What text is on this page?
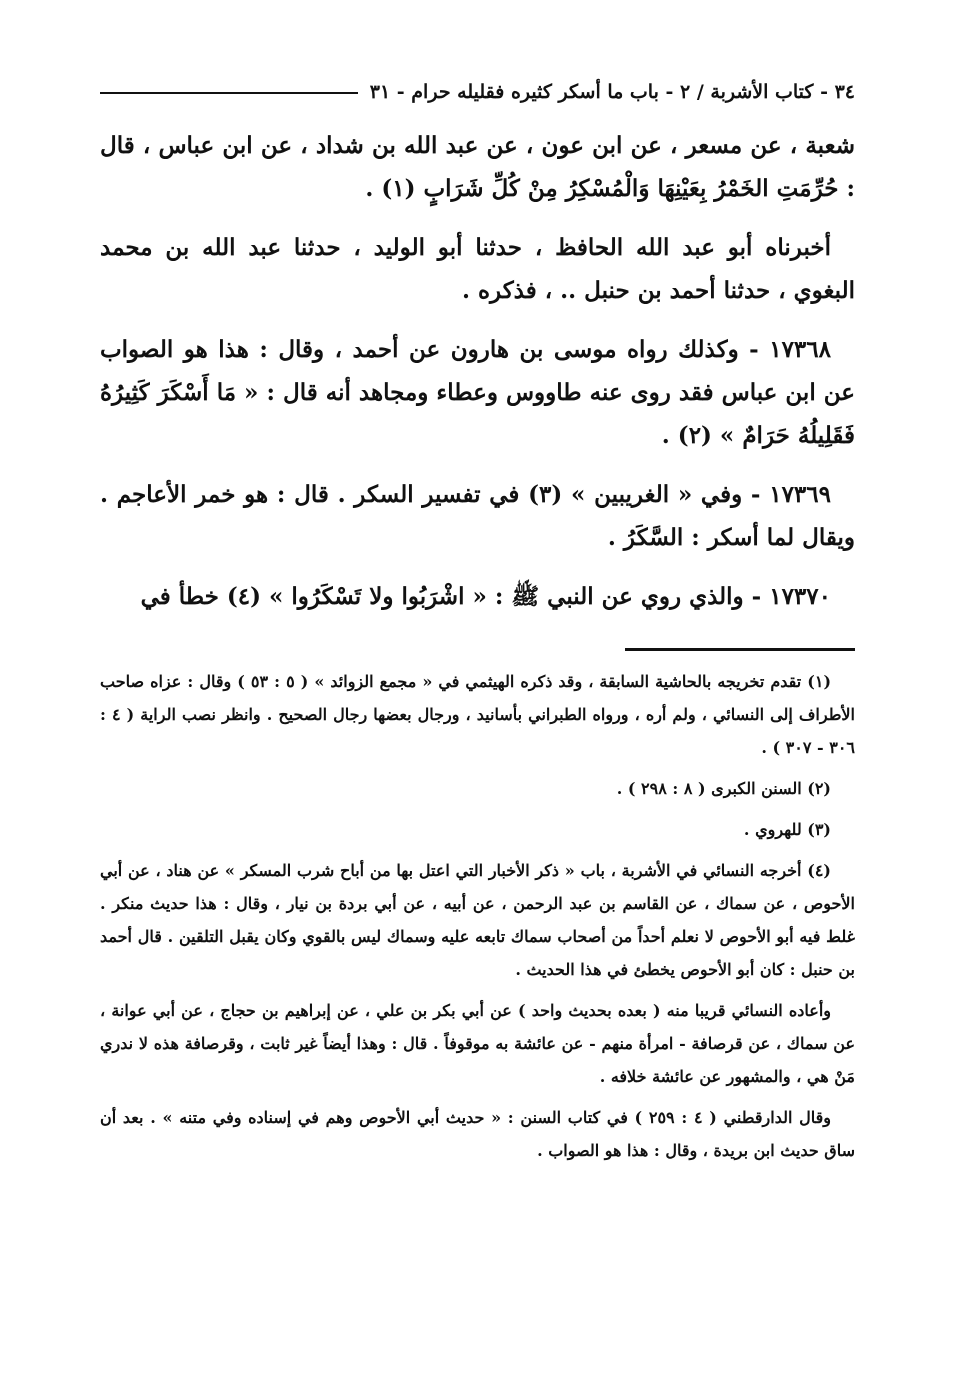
٣٤ - كتاب الأشربة / ٢ - باب ما أسكر كثيره فقليله حرام - ٣١

شعبة ، عن مسعر ، عن ابن عون ، عن عبد الله بن شداد ، عن ابن عباس ، قال : حُرِّمَتِ الخَمْرُ بِعَيْنِهَا وَالْمُسْكِرُ مِنْ كُلِّ شَرَابٍ (١) .

أخبرناه أبو عبد الله الحافظ ، حدثنا أبو الوليد ، حدثنا عبد الله بن محمد البغوي ، حدثنا أحمد بن حنبل .. ، فذكره .

١٧٣٦٨ - وكذلك رواه موسى بن هارون عن أحمد ، وقال : هذا هو الصواب عن ابن عباس فقد روى عنه طاووس وعطاء ومجاهد أنه قال : « مَا أَسْكَرَ كَثِيرُهُ فَقَلِيلُهُ حَرَامٌ » (٢) .

١٧٣٦٩ - وفي « الغريبين » (٣) في تفسير السكر . قال : هو خمر الأعاجم . ويقال لما أسكر : السَّكَرُ .

١٧٣٧٠ - والذي روي عن النبي ﷺ : « اشْرَبُوا ولا تَسْكَرُوا » (٤) خطأ في

(١) تقدم تخريجه بالحاشية السابقة ، وقد ذكره الهيثمي في « مجمع الزوائد » ( ٥ : ٥٣ ) وقال : عزاه صاحب الأطراف إلى النسائي ، ولم أره ، ورواه الطبراني بأسانيد ، ورجال بعضها رجال الصحيح . وانظر نصب الراية ( ٤ : ٣٠٦ - ٣٠٧ ) .

(٢) السنن الكبرى ( ٨ : ٢٩٨ ) .

(٣) للهروي .

(٤) أخرجه النسائي في الأشربة ، باب « ذكر الأخبار التي اعتل بها من أباح شرب المسكر » عن هناد ، عن أبي الأحوص ، عن سماك ، عن القاسم بن عبد الرحمن ، عن أبيه ، عن أبي بردة بن نيار ، وقال : هذا حديث منكر . غلط فيه أبو الأحوص لا نعلم أحداً من أصحاب سماك تابعه عليه وسماك ليس بالقوي وكان يقبل التلقين . قال أحمد بن حنبل : كان أبو الأحوص يخطئ في هذا الحديث .

وأعاده النسائي قريبا منه ( بعده بحديث واحد ) عن أبي بكر بن علي ، عن إبراهيم بن حجاج ، عن أبي عوانة ، عن سماك ، عن قرصافة - امرأة منهم - عن عائشة به موقوفاً . قال : وهذا أيضاً غير ثابت ، وقرصافة هذه لا ندري مَنْ هي ، والمشهور عن عائشة خلافه .

وقال الدارقطني ( ٤ : ٢٥٩ ) في كتاب السنن : « حديث أبي الأحوص وهم في إسناده وفي متنه » . بعد أن ساق حديث ابن بريدة ، وقال : هذا هو الصواب .
